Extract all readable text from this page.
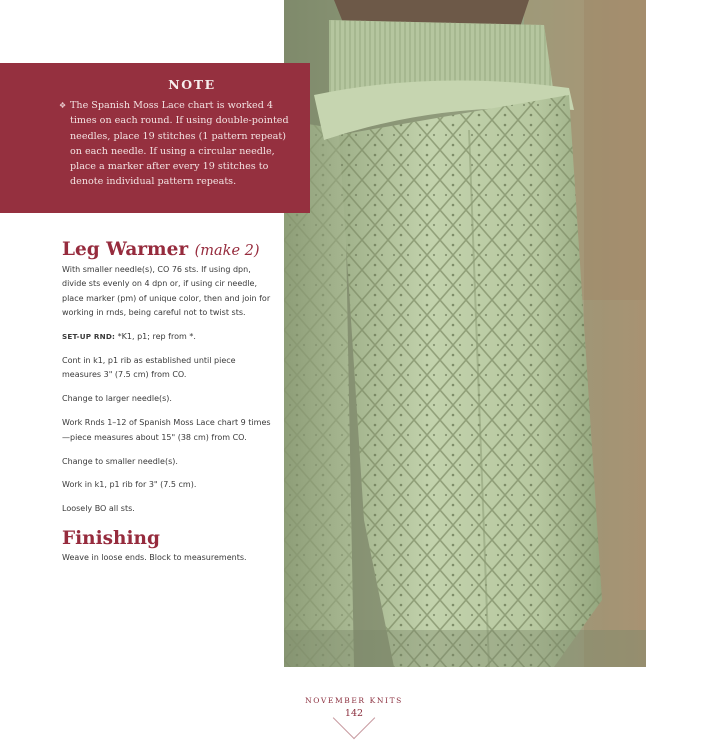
NOTE

❖ The Spanish Moss Lace chart is worked 4 times on each round. If using double-pointed needles, place 19 stitches (1 pattern repeat) on each needle. If using a circular needle, place a marker after every 19 stitches to denote individual pattern repeats.

Leg Warmer (make 2)

With smaller needle(s), CO 76 sts. If using dpn, divide sts evenly on 4 dpn or, if using cir needle, place marker (pm) of unique color, then and join for working in rnds, being careful not to twist sts.

SET-UP RND: *K1, p1; rep from *.

Cont in k1, p1 rib as established until piece measures 3" (7.5 cm) from CO.

Change to larger needle(s).

Work Rnds 1–12 of Spanish Moss Lace chart 9 times—piece measures about 15" (38 cm) from CO.

Change to smaller needle(s).

Work in k1, p1 rib for 3" (7.5 cm).

Loosely BO all sts.

Finishing

Weave in loose ends. Block to measurements.

NOVEMBER KNITS
142
